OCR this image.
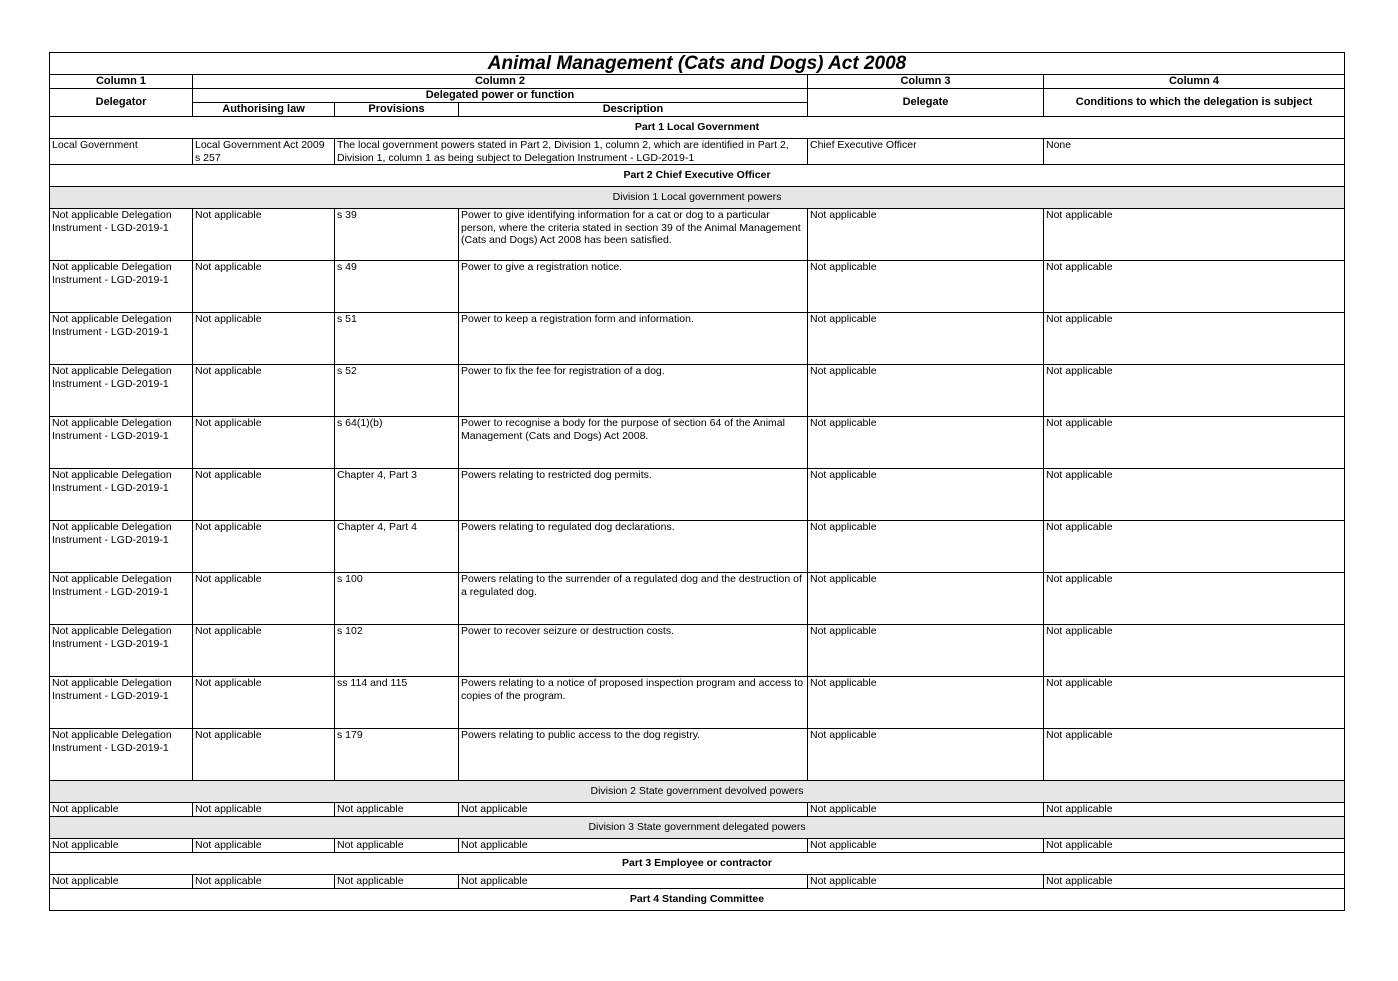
Animal Management (Cats and Dogs) Act 2008					
Column 1	Column 2			Column 3	Column 4
Delegator	Delegated power or function			Delegate	Conditions to which the delegation is subject
	Authorising law	Provisions	Description		
Part 1 Local Government					
Local Government	Local Government Act 2009 s 257	The local government powers stated in Part 2, Division 1, column 2, which are identified in Part 2, Division 1, column 1 as being subject to Delegation Instrument - LGD-2019-1		Chief Executive Officer	None
Part 2 Chief Executive Officer					
Division 1 Local government powers					
Not applicable Delegation Instrument - LGD-2019-1	Not applicable	s 39	Power to give identifying information for a cat or dog to a particular person, where the criteria stated in section 39 of the Animal Management (Cats and Dogs) Act 2008 has been satisfied.	Not applicable	Not applicable
Not applicable Delegation Instrument - LGD-2019-1	Not applicable	s 49	Power to give a registration notice.	Not applicable	Not applicable
Not applicable Delegation Instrument - LGD-2019-1	Not applicable	s 51	Power to keep a registration form and information.	Not applicable	Not applicable
Not applicable Delegation Instrument - LGD-2019-1	Not applicable	s 52	Power to fix the fee for registration of a dog.	Not applicable	Not applicable
Not applicable Delegation Instrument - LGD-2019-1	Not applicable	s 64(1)(b)	Power to recognise a body for the purpose of section 64 of the Animal Management (Cats and Dogs) Act 2008.	Not applicable	Not applicable
Not applicable Delegation Instrument - LGD-2019-1	Not applicable	Chapter 4, Part 3	Powers relating to restricted dog permits.	Not applicable	Not applicable
Not applicable Delegation Instrument - LGD-2019-1	Not applicable	Chapter 4, Part 4	Powers relating to regulated dog declarations.	Not applicable	Not applicable
Not applicable Delegation Instrument - LGD-2019-1	Not applicable	s 100	Powers relating to the surrender of a regulated dog and the destruction of a regulated dog.	Not applicable	Not applicable
Not applicable Delegation Instrument - LGD-2019-1	Not applicable	s 102	Power to recover seizure or destruction costs.	Not applicable	Not applicable
Not applicable Delegation Instrument - LGD-2019-1	Not applicable	ss 114 and 115	Powers relating to a notice of proposed inspection program and access to copies of the program.	Not applicable	Not applicable
Not applicable Delegation Instrument - LGD-2019-1	Not applicable	s 179	Powers relating to public access to the dog registry.	Not applicable	Not applicable
Division 2 State government devolved powers					
Not applicable	Not applicable	Not applicable	Not applicable	Not applicable	Not applicable
Division 3 State government delegated powers					
Not applicable	Not applicable	Not applicable	Not applicable	Not applicable	Not applicable
Part 3 Employee or contractor					
Not applicable	Not applicable	Not applicable	Not applicable	Not applicable	Not applicable
Part 4 Standing Committee					
